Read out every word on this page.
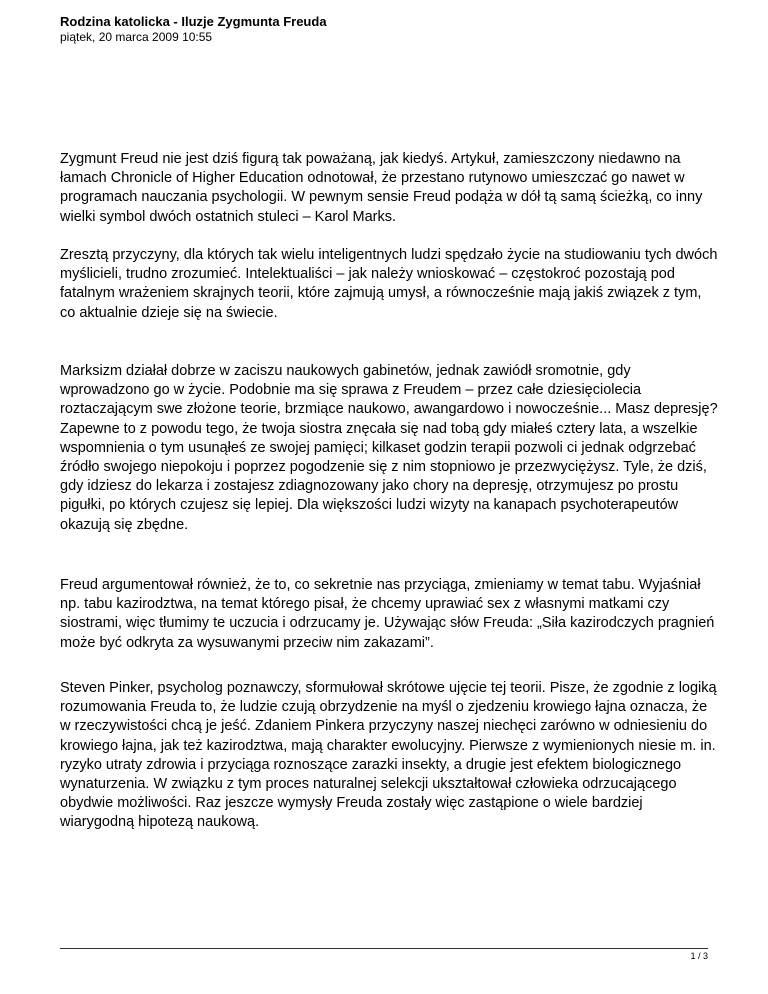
Rodzina katolicka - Iluzje Zygmunta Freuda

piątek, 20 marca 2009 10:55

Zygmunt Freud nie jest dziś figurą tak poważaną, jak kiedyś. Artykuł, zamieszczony niedawno na łamach Chronicle of Higher Education odnotował, że przestano rutynowo umieszczać go nawet w programach nauczania psychologii. W pewnym sensie Freud podąża w dół tą samą ścieżką, co inny wielki symbol dwóch ostatnich stuleci – Karol Marks.

Zresztą przyczyny, dla których tak wielu inteligentnych ludzi spędzało życie na studiowaniu tych dwóch myślicieli, trudno zrozumieć. Intelektualiści – jak należy wnioskować – częstokroć pozostają pod fatalnym wrażeniem skrajnych teorii, które zajmują umysł, a równocześnie mają jakiś związek z tym, co aktualnie dzieje się na świecie.

Marksizm działał dobrze w zaciszu naukowych gabinetów, jednak zawiódł sromotnie, gdy wprowadzono go w życie. Podobnie ma się sprawa z Freudem – przez całe dziesięciolecia roztaczającym swe złożone teorie, brzmiące naukowo, awangardowo i nowocześnie... Masz depresję? Zapewne to z powodu tego, że twoja siostra znęcała się nad tobą gdy miałeś cztery lata, a wszelkie wspomnienia o tym usunąłeś ze swojej pamięci; kilkaset godzin terapii pozwoli ci jednak odgrzebać źródło swojego niepokoju i poprzez pogodzenie się z nim stopniowo je przezwyciężysz. Tyle, że dziś, gdy idziesz do lekarza i zostajesz zdiagnozowany jako chory na depresję, otrzymujesz po prostu pigułki, po których czujesz się lepiej. Dla większości ludzi wizyty na kanapach psychoterapeutów okazują się zbędne.

Freud argumentował również, że to, co sekretnie nas przyciąga, zmieniamy w temat tabu. Wyjaśniał np. tabu kazirodztwa, na temat którego pisał, że chcemy uprawiać sex z własnymi matkami czy siostrami, więc tłumimy te uczucia i odrzucamy je. Używając słów Freuda: „Siła kazirodczych pragnień może być odkryta za wysuwanymi przeciw nim zakazami”.

Steven Pinker, psycholog poznawczy, sformułował skrótowe ujęcie tej teorii. Pisze, że zgodnie z logiką rozumowania Freuda to, że ludzie czują obrzydzenie na myśl o zjedzeniu krowiego łajna oznacza, że w rzeczywistości chcą je jeść. Zdaniem Pinkera przyczyny naszej niechęci zarówno w odniesieniu do krowiego łajna, jak też kazirodztwa, mają charakter ewolucyjny. Pierwsze z wymienionych niesie m. in. ryzyko utraty zdrowia i przyciąga roznoszące zarazki insekty, a drugie jest efektem biologicznego wynaturzenia. W związku z tym proces naturalnej selekcji ukształtował człowieka odrzucającego obydwie możliwości. Raz jeszcze wymysły Freuda zostały więc zastąpione o wiele bardziej wiarygodną hipotezą naukową.

1 / 3
